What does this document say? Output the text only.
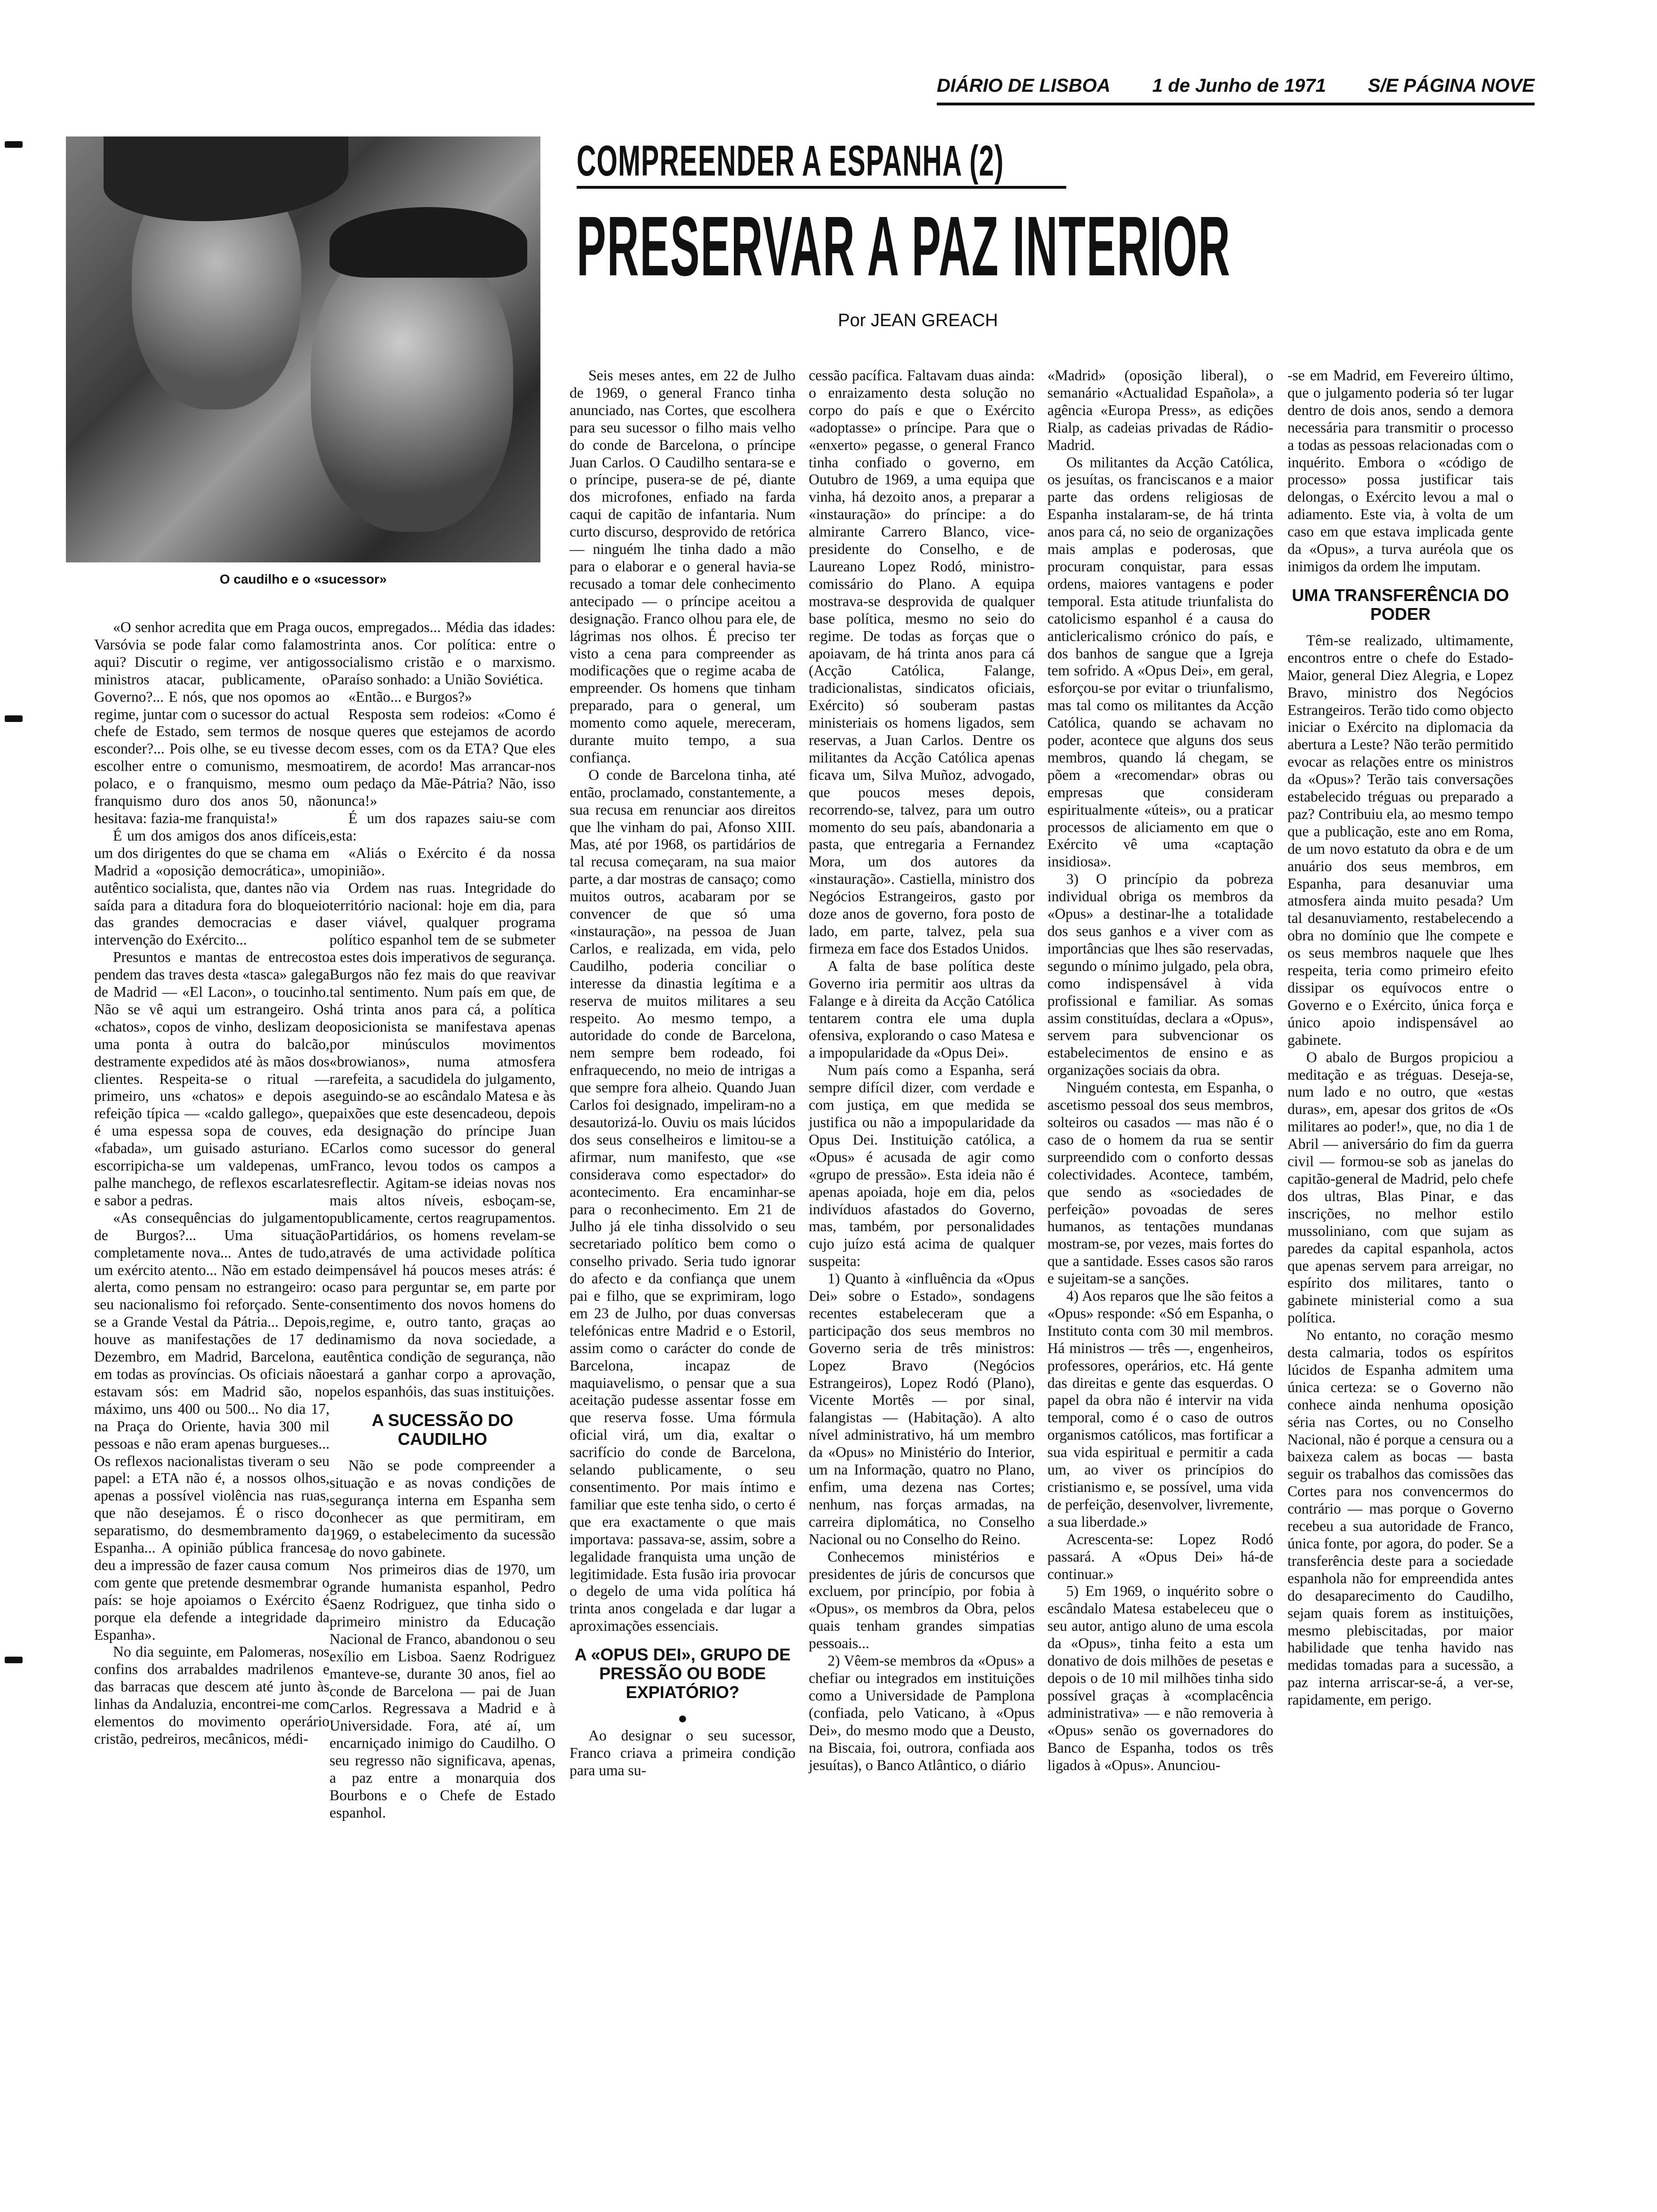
DIÁRIO DE LISBOA 1 de Junho de 1971 S/E PÁGINA NOVE
O caudilho e o «sucessor»
COMPREENDER A ESPANHA (2)
PRESERVAR A PAZ INTERIOR
Por JEAN GREACH

«O senhor acredita que em Praga ou Varsóvia se pode falar como falamos aqui? Discutir o regime, ver antigos ministros atacar, publicamente, o Governo?... E nós, que nos opomos ao regime, juntar com o sucessor do actual chefe de Estado, sem termos de nos esconder?... Pois olhe, se eu tivesse de escolher entre o comunismo, mesmo polaco, e o franquismo, mesmo o franquismo duro dos anos 50, não hesitava: fazia-me franquista!»

É um dos amigos dos anos difíceis, um dos dirigentes do que se chama em Madrid a «oposição democrática», um autêntico socialista, que, dantes não via saída para a ditadura fora do bloqueio das grandes democracias e da intervenção do Exército...

Presuntos e mantas de entrecosto pendem das traves desta «tasca» galega de Madrid — «El Lacon», o toucinho. Não se vê aqui um estrangeiro. Os «chatos», copos de vinho, deslizam de uma ponta à outra do balcão, destramente expedidos até às mãos dos clientes. Respeita-se o ritual — primeiro, uns «chatos» e depois a refeição típica — «caldo gallego», que é uma espessa sopa de couves, e «fabada», um guisado asturiano. E escorripicha-se um valdepenas, um palhe manchego, de reflexos escarlates e sabor a pedras.

«As consequências do julgamento de Burgos?... Uma situação completamente nova... Antes de tudo, um exército atento... Não em estado de alerta, como pensam no estrangeiro: o seu nacionalismo foi reforçado. Sente-se a Grande Vestal da Pátria... Depois, houve as manifestações de 17 de Dezembro, em Madrid, Barcelona, e em todas as províncias. Os oficiais não estavam sós: em Madrid são, no máximo, uns 400 ou 500... No dia 17, na Praça do Oriente, havia 300 mil pessoas e não eram apenas burgueses... Os reflexos nacionalistas tiveram o seu papel: a ETA não é, a nossos olhos, apenas a possível violência nas ruas, que não desejamos. É o risco do separatismo, do desmembramento da Espanha... A opinião pública francesa deu a impressão de fazer causa comum com gente que pretende desmembrar o país: se hoje apoiamos o Exército é porque ela defende a integridade da Espanha».

No dia seguinte, em Palomeras, nos confins dos arrabaldes madrilenos e das barracas que descem até junto às linhas da Andaluzia, encontrei-me com elementos do movimento operário cristão, pedreiros, mecânicos, médi-

cos, empregados... Média das idades: trinta anos. Cor política: entre o socialismo cristão e o marxismo. Paraíso sonhado: a União Soviética.

«Então... e Burgos?»

Resposta sem rodeios: «Como é que queres que estejamos de acordo com esses, com os da ETA? Que eles atirem, de acordo! Mas arrancar-nos um pedaço da Mãe-Pátria? Não, isso nunca!»

É um dos rapazes saiu-se com esta:

«Aliás o Exército é da nossa opinião».

Ordem nas ruas. Integridade do território nacional: hoje em dia, para ser viável, qualquer programa político espanhol tem de se submeter a estes dois imperativos de segurança. Burgos não fez mais do que reavivar tal sentimento. Num país em que, de há trinta anos para cá, a política oposicionista se manifestava apenas por minúsculos movimentos «browianos», numa atmosfera rarefeita, a sacudidela do julgamento, seguindo-se ao escândalo Matesa e às paixões que este desencadeou, depois da designação do príncipe Juan Carlos como sucessor do general Franco, levou todos os campos a reflectir. Agitam-se ideias novas nos mais altos níveis, esboçam-se, publicamente, certos reagrupamentos. Partidários, os homens revelam-se através de uma actividade política impensável há poucos meses atrás: é caso para perguntar se, em parte por consentimento dos novos homens do regime, e, outro tanto, graças ao dinamismo da nova sociedade, a autêntica condição de segurança, não estará a ganhar corpo a aprovação, pelos espanhóis, das suas instituições.

A SUCESSÃO DO CAUDILHO

Não se pode compreender a situação e as novas condições de segurança interna em Espanha sem conhecer as que permitiram, em 1969, o estabelecimento da sucessão e do novo gabinete.

Nos primeiros dias de 1970, um grande humanista espanhol, Pedro Saenz Rodriguez, que tinha sido o primeiro ministro da Educação Nacional de Franco, abandonou o seu exílio em Lisboa. Saenz Rodriguez manteve-se, durante 30 anos, fiel ao conde de Barcelona — pai de Juan Carlos. Regressava a Madrid e à Universidade. Fora, até aí, um encarniçado inimigo do Caudilho. O seu regresso não significava, apenas, a paz entre a monarquia dos Bourbons e o Chefe de Estado espanhol.

Seis meses antes, em 22 de Julho de 1969, o general Franco tinha anunciado, nas Cortes, que escolhera para seu sucessor o filho mais velho do conde de Barcelona, o príncipe Juan Carlos. O Caudilho sentara-se e o príncipe, pusera-se de pé, diante dos microfones, enfiado na farda caqui de capitão de infantaria. Num curto discurso, desprovido de retórica — ninguém lhe tinha dado a mão para o elaborar e o general havia-se recusado a tomar dele conhecimento antecipado — o príncipe aceitou a designação. Franco olhou para ele, de lágrimas nos olhos. É preciso ter visto a cena para compreender as modificações que o regime acaba de empreender. Os homens que tinham preparado, para o general, um momento como aquele, mereceram, durante muito tempo, a sua confiança.

O conde de Barcelona tinha, até então, proclamado, constantemente, a sua recusa em renunciar aos direitos que lhe vinham do pai, Afonso XIII. Mas, até por 1968, os partidários de tal recusa começaram, na sua maior parte, a dar mostras de cansaço; como muitos outros, acabaram por se convencer de que só uma «instauração», na pessoa de Juan Carlos, e realizada, em vida, pelo Caudilho, poderia conciliar o interesse da dinastia legítima e a reserva de muitos militares a seu respeito. Ao mesmo tempo, a autoridade do conde de Barcelona, nem sempre bem rodeado, foi enfraquecendo, no meio de intrigas a que sempre fora alheio. Quando Juan Carlos foi designado, impeliram-no a desautorizá-lo. Ouviu os mais lúcidos dos seus conselheiros e limitou-se a afirmar, num manifesto, que «se considerava como espectador» do acontecimento. Era encaminhar-se para o reconhecimento. Em 21 de Julho já ele tinha dissolvido o seu secretariado político bem como o conselho privado. Seria tudo ignorar do afecto e da confiança que unem pai e filho, que se exprimiram, logo em 23 de Julho, por duas conversas telefónicas entre Madrid e o Estoril, assim como o carácter do conde de Barcelona, incapaz de maquiavelismo, o pensar que a sua aceitação pudesse assentar fosse em que reserva fosse. Uma fórmula oficial virá, um dia, exaltar o sacrifício do conde de Barcelona, selando publicamente, o seu consentimento. Por mais íntimo e familiar que este tenha sido, o certo é que era exactamente o que mais importava: passava-se, assim, sobre a legalidade franquista uma unção de legitimidade. Esta fusão iria provocar o degelo de uma vida política há trinta anos congelada e dar lugar a aproximações essenciais.

A «OPUS DEI», GRUPO DE PRESSÃO OU BODE EXPIATÓRIO?
●

Ao designar o seu sucessor, Franco criava a primeira condição para uma su-

cessão pacífica. Faltavam duas ainda: o enraizamento desta solução no corpo do país e que o Exército «adoptasse» o príncipe. Para que o «enxerto» pegasse, o general Franco tinha confiado o governo, em Outubro de 1969, a uma equipa que vinha, há dezoito anos, a preparar a «instauração» do príncipe: a do almirante Carrero Blanco, vice-presidente do Conselho, e de Laureano Lopez Rodó, ministro-comissário do Plano. A equipa mostrava-se desprovida de qualquer base política, mesmo no seio do regime. De todas as forças que o apoiavam, de há trinta anos para cá (Acção Católica, Falange, tradicionalistas, sindicatos oficiais, Exército) só souberam pastas ministeriais os homens ligados, sem reservas, a Juan Carlos. Dentre os militantes da Acção Católica apenas ficava um, Silva Muñoz, advogado, que poucos meses depois, recorrendo-se, talvez, para um outro momento do seu país, abandonaria a pasta, que entregaria a Fernandez Mora, um dos autores da «instauração». Castiella, ministro dos Negócios Estrangeiros, gasto por doze anos de governo, fora posto de lado, em parte, talvez, pela sua firmeza em face dos Estados Unidos.

A falta de base política deste Governo iria permitir aos ultras da Falange e à direita da Acção Católica tentarem contra ele uma dupla ofensiva, explorando o caso Matesa e a impopularidade da «Opus Dei».

Num país como a Espanha, será sempre difícil dizer, com verdade e com justiça, em que medida se justifica ou não a impopularidade da Opus Dei. Instituição católica, a «Opus» é acusada de agir como «grupo de pressão». Esta ideia não é apenas apoiada, hoje em dia, pelos indivíduos afastados do Governo, mas, também, por personalidades cujo juízo está acima de qualquer suspeita:

1) Quanto à «influência da «Opus Dei» sobre o Estado», sondagens recentes estabeleceram que a participação dos seus membros no Governo seria de três ministros: Lopez Bravo (Negócios Estrangeiros), Lopez Rodó (Plano), Vicente Mortês — por sinal, falangistas — (Habitação). A alto nível administrativo, há um membro da «Opus» no Ministério do Interior, um na Informação, quatro no Plano, enfim, uma dezena nas Cortes; nenhum, nas forças armadas, na carreira diplomática, no Conselho Nacional ou no Conselho do Reino.

Conhecemos ministérios e presidentes de júris de concursos que excluem, por princípio, por fobia à «Opus», os membros da Obra, pelos quais tenham grandes simpatias pessoais...

2) Vêem-se membros da «Opus» a chefiar ou integrados em instituições como a Universidade de Pamplona (confiada, pelo Vaticano, à «Opus Dei», do mesmo modo que a Deusto, na Biscaia, foi, outrora, confiada aos jesuítas), o Banco Atlântico, o diário

«Madrid» (oposição liberal), o semanário «Actualidad Española», a agência «Europa Press», as edições Rialp, as cadeias privadas de Rádio-Madrid.

Os militantes da Acção Católica, os jesuítas, os franciscanos e a maior parte das ordens religiosas de Espanha instalaram-se, de há trinta anos para cá, no seio de organizações mais amplas e poderosas, que procuram conquistar, para essas ordens, maiores vantagens e poder temporal. Esta atitude triunfalista do catolicismo espanhol é a causa do anticlericalismo crónico do país, e dos banhos de sangue que a Igreja tem sofrido. A «Opus Dei», em geral, esforçou-se por evitar o triunfalismo, mas tal como os militantes da Acção Católica, quando se achavam no poder, acontece que alguns dos seus membros, quando lá chegam, se põem a «recomendar» obras ou empresas que consideram espiritualmente «úteis», ou a praticar processos de aliciamento em que o Exército vê uma «captação insidiosa».

3) O princípio da pobreza individual obriga os membros da «Opus» a destinar-lhe a totalidade dos seus ganhos e a viver com as importâncias que lhes são reservadas, segundo o mínimo julgado, pela obra, como indispensável à vida profissional e familiar. As somas assim constituídas, declara a «Opus», servem para subvencionar os estabelecimentos de ensino e as organizações sociais da obra.

Ninguém contesta, em Espanha, o ascetismo pessoal dos seus membros, solteiros ou casados — mas não é o caso de o homem da rua se sentir surpreendido com o conforto dessas colectividades. Acontece, também, que sendo as «sociedades de perfeição» povoadas de seres humanos, as tentações mundanas mostram-se, por vezes, mais fortes do que a santidade. Esses casos são raros e sujeitam-se a sanções.

4) Aos reparos que lhe são feitos a «Opus» responde: «Só em Espanha, o Instituto conta com 30 mil membros. Há ministros — três —, engenheiros, professores, operários, etc. Há gente das direitas e gente das esquerdas. O papel da obra não é intervir na vida temporal, como é o caso de outros organismos católicos, mas fortificar a sua vida espiritual e permitir a cada um, ao viver os princípios do cristianismo e, se possível, uma vida de perfeição, desenvolver, livremente, a sua liberdade.»

Acrescenta-se: Lopez Rodó passará. A «Opus Dei» há-de continuar.»

5) Em 1969, o inquérito sobre o escândalo Matesa estabeleceu que o seu autor, antigo aluno de uma escola da «Opus», tinha feito a esta um donativo de dois milhões de pesetas e depois o de 10 mil milhões tinha sido possível graças à «complacência administrativa» — e não removeria à «Opus» senão os governadores do Banco de Espanha, todos os três ligados à «Opus». Anunciou-

-se em Madrid, em Fevereiro último, que o julgamento poderia só ter lugar dentro de dois anos, sendo a demora necessária para transmitir o processo a todas as pessoas relacionadas com o inquérito. Embora o «código de processo» possa justificar tais delongas, o Exército levou a mal o adiamento. Este via, à volta de um caso em que estava implicada gente da «Opus», a turva auréola que os inimigos da ordem lhe imputam.

UMA TRANSFERÊNCIA DO PODER

Têm-se realizado, ultimamente, encontros entre o chefe do Estado-Maior, general Diez Alegria, e Lopez Bravo, ministro dos Negócios Estrangeiros. Terão tido como objecto iniciar o Exército na diplomacia da abertura a Leste? Não terão permitido evocar as relações entre os ministros da «Opus»? Terão tais conversações estabelecido tréguas ou preparado a paz? Contribuiu ela, ao mesmo tempo que a publicação, este ano em Roma, de um novo estatuto da obra e de um anuário dos seus membros, em Espanha, para desanuviar uma atmosfera ainda muito pesada? Um tal desanuviamento, restabelecendo a obra no domínio que lhe compete e os seus membros naquele que lhes respeita, teria como primeiro efeito dissipar os equívocos entre o Governo e o Exército, única força e único apoio indispensável ao gabinete.

O abalo de Burgos propiciou a meditação e as tréguas. Deseja-se, num lado e no outro, que «estas duras», em, apesar dos gritos de «Os militares ao poder!», que, no dia 1 de Abril — aniversário do fim da guerra civil — formou-se sob as janelas do capitão-general de Madrid, pelo chefe dos ultras, Blas Pinar, e das inscrições, no melhor estilo mussoliniano, com que sujam as paredes da capital espanhola, actos que apenas servem para arreigar, no espírito dos militares, tanto o gabinete ministerial como a sua política.

No entanto, no coração mesmo desta calmaria, todos os espíritos lúcidos de Espanha admitem uma única certeza: se o Governo não conhece ainda nenhuma oposição séria nas Cortes, ou no Conselho Nacional, não é porque a censura ou a baixeza calem as bocas — basta seguir os trabalhos das comissões das Cortes para nos convencermos do contrário — mas porque o Governo recebeu a sua autoridade de Franco, única fonte, por agora, do poder. Se a transferência deste para a sociedade espanhola não for empreendida antes do desaparecimento do Caudilho, sejam quais forem as instituições, mesmo plebiscitadas, por maior habilidade que tenha havido nas medidas tomadas para a sucessão, a paz interna arriscar-se-á, a ver-se, rapidamente, em perigo.
